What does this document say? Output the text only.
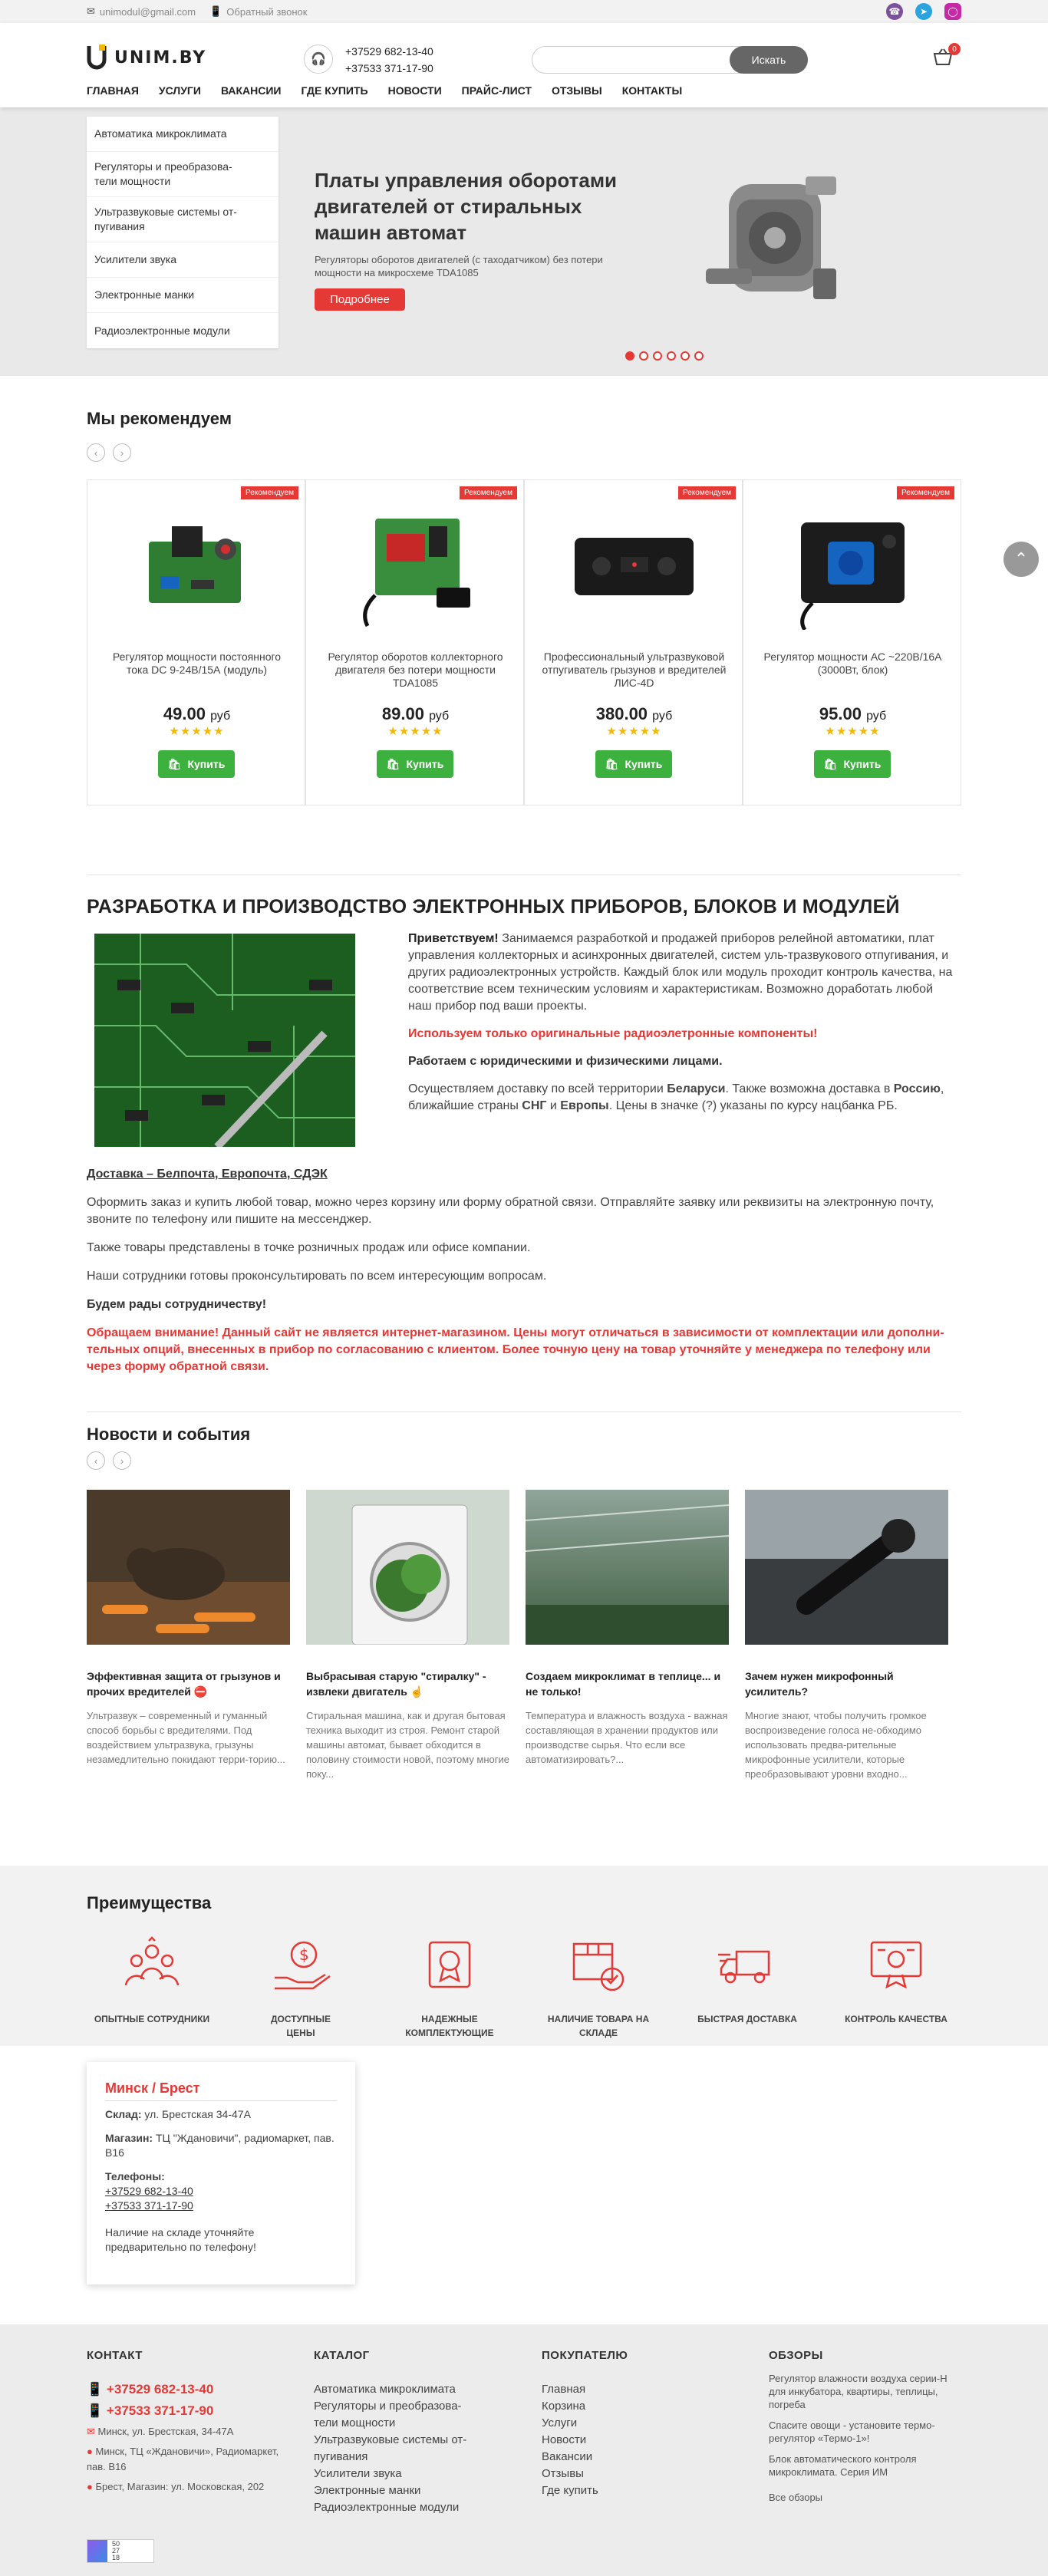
✉ unimodul@gmail.com 📱 Обратный звонок	☎	➤	◯
UNIM.BY	🎧
+37529 682-13-40
+37533 371-17-90
Искать
0
ГЛАВНАЯ УСЛУГИ ВАКАНСИИ ГДЕ КУПИТЬ НОВОСТИ ПРАЙС-ЛИСТ ОТЗЫВЫ КОНТАКТЫ
Автоматика микроклимата
Регуляторы и преобразова-
тели мощности
Ультразвуковые системы от-
пугивания
Усилители звука
Электронные манки
Радиоэлектронные модули
Платы управления оборотами двигателей от стиральных машин автомат
Регуляторы оборотов двигателей (с таходатчиком) без потери мощности на микросхеме TDA1085
Подробнее
Мы рекомендуем
‹	›
Рекомендуем
Регулятор мощности постоянного тока DC 9-24В/15А (модуль)
49.00 руб
★★★★★
🛍 Купить
Рекомендуем
Регулятор оборотов коллекторного двигателя без потери мощности TDA1085
89.00 руб
★★★★★
🛍 Купить
Рекомендуем
Профессиональный ультразвуковой отпугиватель грызунов и вредителей ЛИС-4D
380.00 руб
★★★★★
🛍 Купить
Рекомендуем
Регулятор мощности АС ~220В/16А (3000Вт, блок)
95.00 руб
★★★★★
🛍 Купить
⌃
РАЗРАБОТКА И ПРОИЗВОДСТВО ЭЛЕКТРОННЫХ ПРИБОРОВ, БЛОКОВ И МОДУЛЕЙ

Приветствуем! Занимаемся разработкой и продажей приборов релейной автоматики, плат управления коллекторных и асинхронных двигателей, систем уль-тразвукового отпугивания, и других радиоэлектронных устройств. Каждый блок или модуль проходит контроль качества, на соответствие всем техническим условиям и характеристикам. Возможно доработать любой наш прибор под ваши проекты.

Используем только оригинальные радиоэлетронные компоненты!

Работаем с юридическими и физическими лицами.

Осуществляем доставку по всей территории Беларуси. Также возможна доставка в Россию, ближайшие страны СНГ и Европы. Цены в значке (?) указаны по курсу нацбанка РБ.

Доставка – Белпочта, Европочта, СДЭК

Оформить заказ и купить любой товар, можно через корзину или форму обратной связи. Отправляйте заявку или реквизиты на электронную почту, звоните по телефону или пишите на мессенджер.

Также товары представлены в точке розничных продаж или офисе компании.

Наши сотрудники готовы проконсультировать по всем интересующим вопросам.

Будем рады сотрудничеству!

Обращаем внимание! Данный сайт не является интернет-магазином. Цены могут отличаться в зависимости от комплектации или дополни-тельных опций, внесенных в прибор по согласованию с клиентом. Более точную цену на товар уточняйте у менеджера по телефону или через форму обратной связи.

Новости и события
‹	›
Эффективная защита от грызунов и прочих вредителей ⛔
Ультразвук – современный и гуманный способ борьбы с вредителями. Под воздействием ультразвука, грызуны незамедлительно покидают терри-торию...
Выбрасывая старую "стиралку" - извлеки двигатель ☝
Стиральная машина, как и другая бытовая техника выходит из строя. Ремонт старой машины автомат, бывает обходится в половину стоимости новой, поэтому многие поку...
Создаем микроклимат в теплице... и не только!
Температура и влажность воздуха - важная составляющая в хранении продуктов или производстве сырья. Что если все автоматизировать?...
Зачем нужен микрофонный усилитель?
Многие знают, чтобы получить громкое воспроизведение голоса не-обходимо использовать предва-рительные микрофонные усилители, которые преобразовывают уровни входно...
Преимущества
ОПЫТНЫЕ СОТРУДНИКИ
$
ДОСТУПНЫЕ
ЦЕНЫ
НАДЕЖНЫЕ
КОМПЛЕКТУЮЩИЕ
НАЛИЧИЕ ТОВАРА НА
СКЛАДЕ
БЫСТРАЯ ДОСТАВКА	КОНТРОЛЬ КАЧЕСТВА
Минск / Брест

Склад: ул. Брестская 34-47А

Магазин: ТЦ "Ждановичи", радиомаркет, пав. В16

Телефоны:
+37529 682-13-40
+37533 371-17-90

Наличие на складе уточняйте предварительно по телефону!

КОНТАКТ
📱 +37529 682-13-40
📱 +37533 371-17-90
✉ Минск, ул. Брестская, 34-47А
● Минск, ТЦ «Ждановичи», Радиомаркет, пав. В16
● Брест, Магазин: ул. Московская, 202
КАТАЛОГ
Автоматика микроклимата
Регуляторы и преобразова-
тели мощности
Ультразвуковые системы от-
пугивания
Усилители звука
Электронные манки
Радиоэлектронные модули
ПОКУПАТЕЛЮ
Главная
Корзина
Услуги
Новости
Вакансии
Отзывы
Где купить
ОБЗОРЫ
Регулятор влажности воздуха серии-Н для инкубатора, квартиры, теплицы, погреба
Спасите овощи - установите термо-регулятор «Термо-1»!
Блок автоматического контроля микроклимата. Серия ИМ
Все обзоры
50
27
18
